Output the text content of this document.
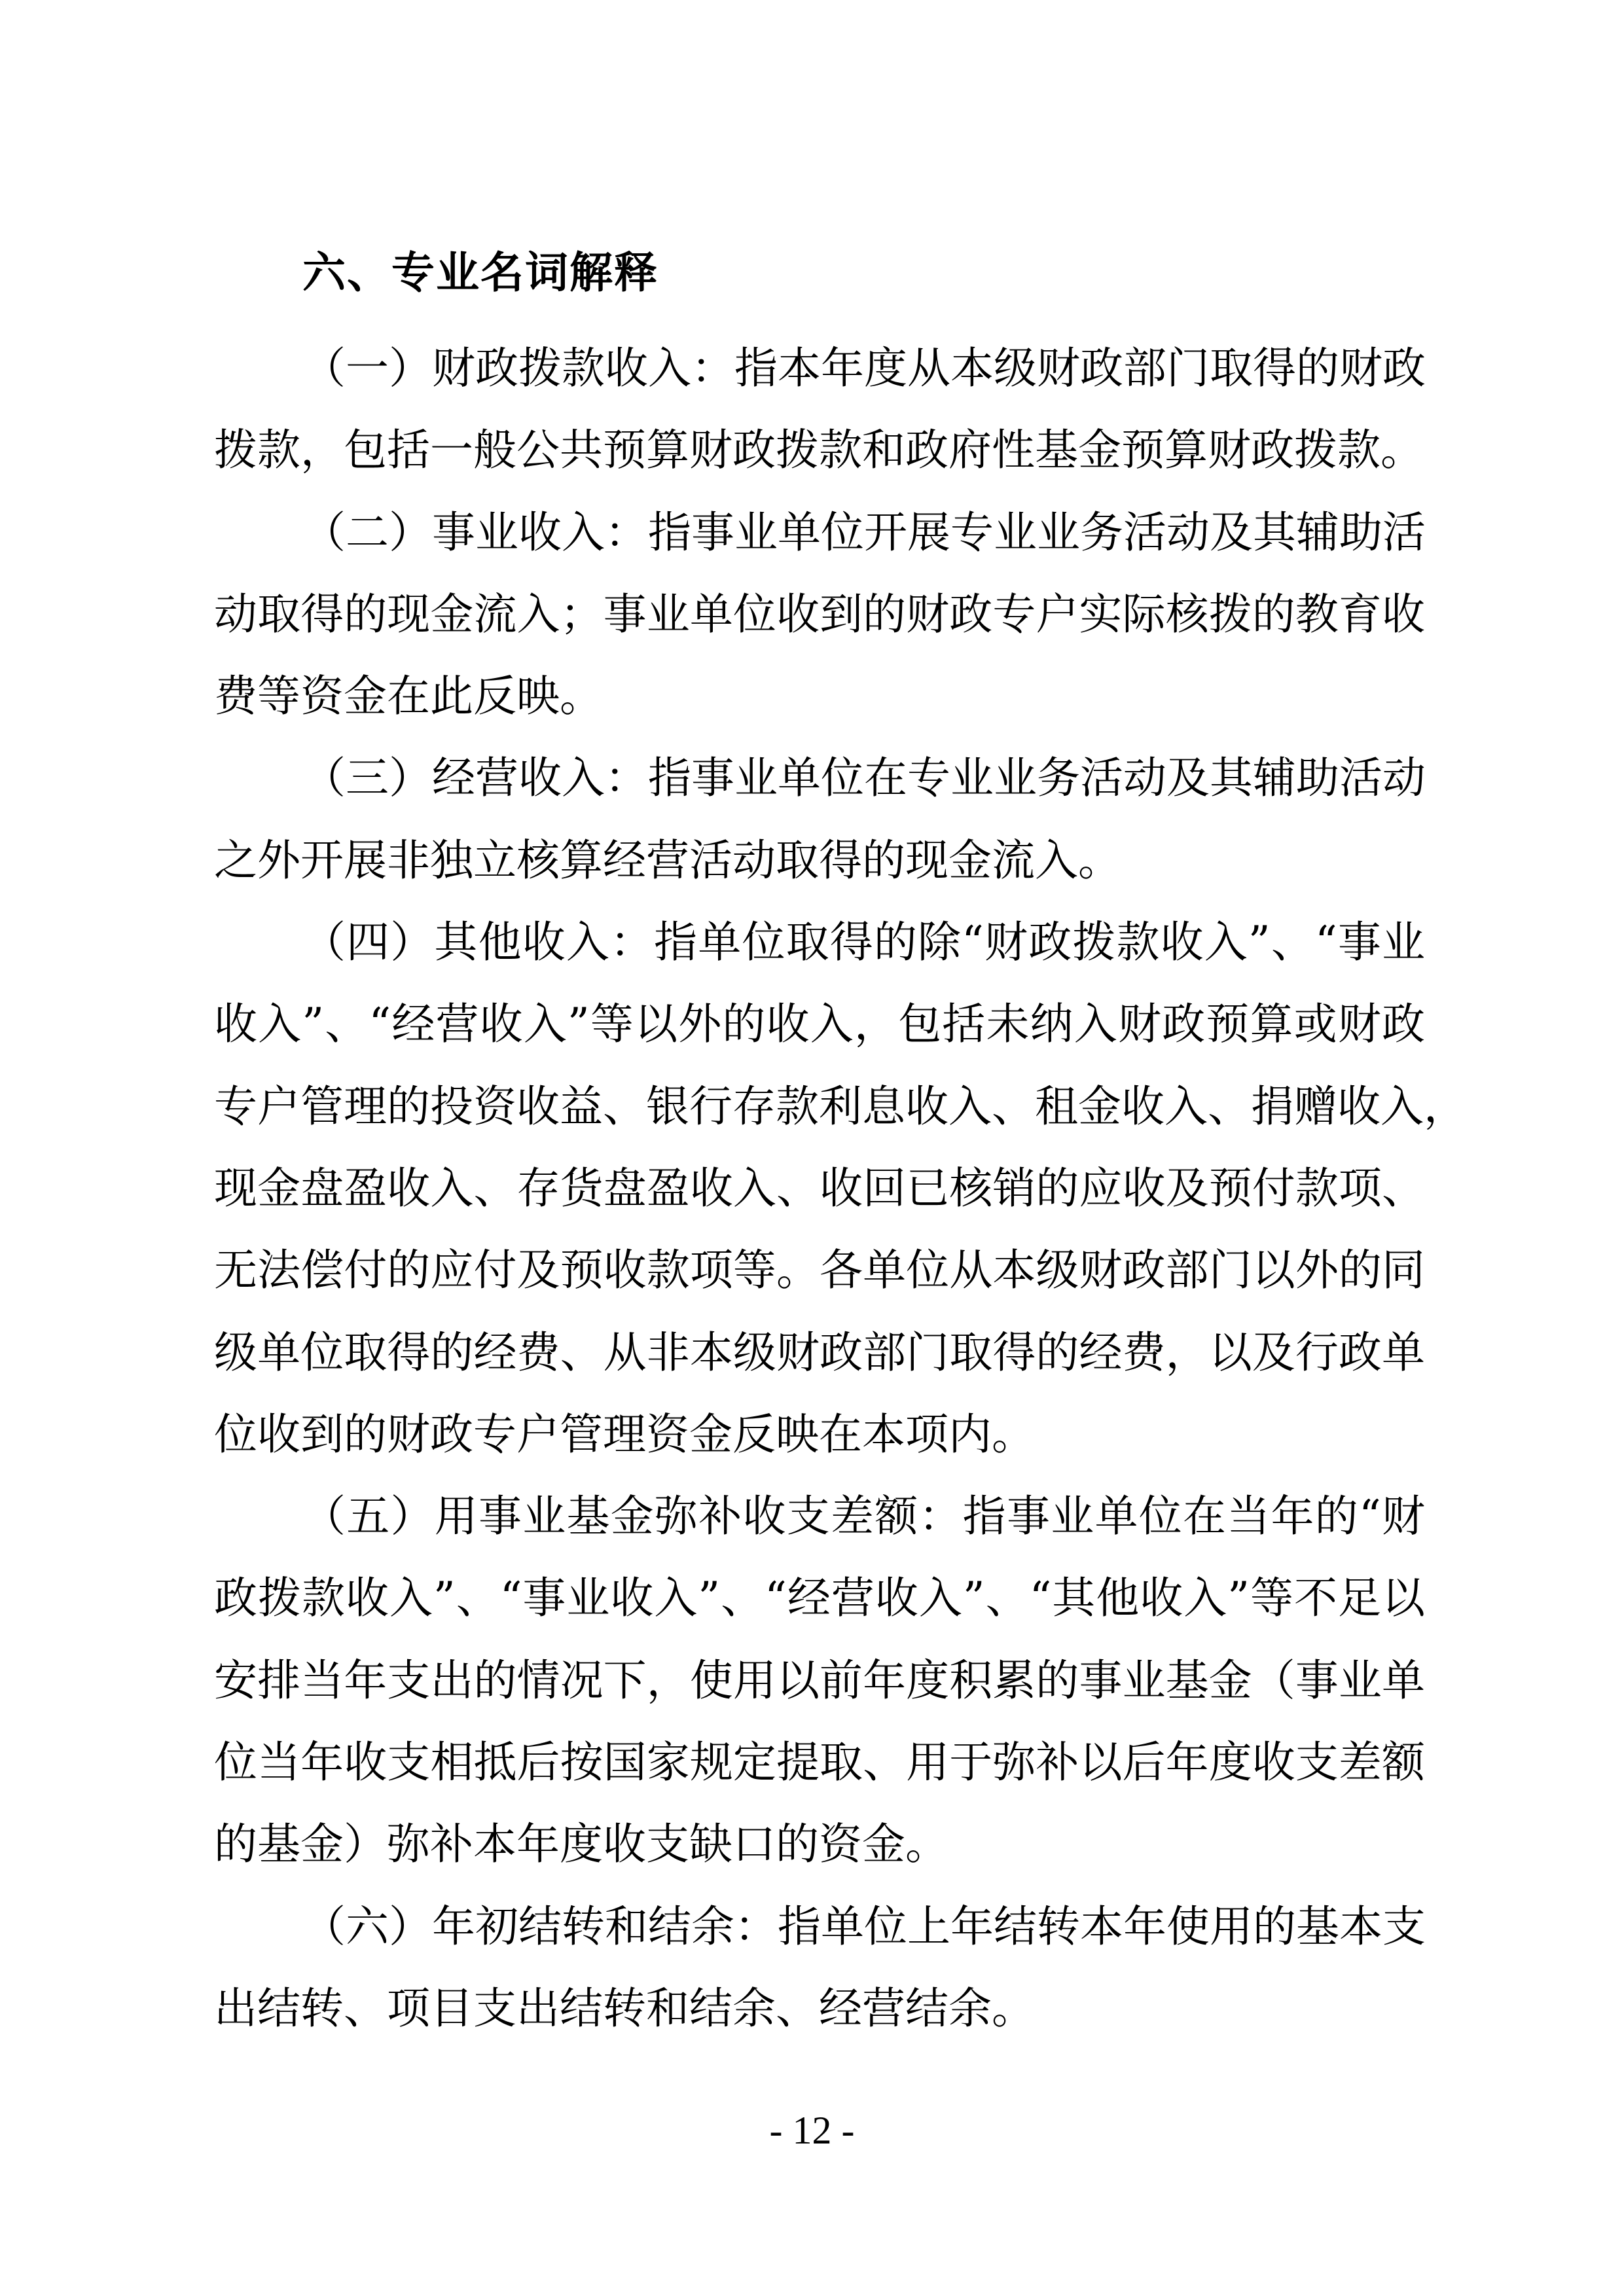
六、专业名词解释
（一）财政拨款收入：指本年度从本级财政部门取得的财政
拨款，包括一般公共预算财政拨款和政府性基金预算财政拨款。
（二）事业收入：指事业单位开展专业业务活动及其辅助活
动取得的现金流入；事业单位收到的财政专户实际核拨的教育收
费等资金在此反映。
（三）经营收入：指事业单位在专业业务活动及其辅助活动
之外开展非独立核算经营活动取得的现金流入。
（四）其他收入：指单位取得的除“财政拨款收入”、“事业
收入”、“经营收入”等以外的收入，包括未纳入财政预算或财政
专户管理的投资收益、银行存款利息收入、租金收入、捐赠收入，
现金盘盈收入、存货盘盈收入、收回已核销的应收及预付款项、
无法偿付的应付及预收款项等。各单位从本级财政部门以外的同
级单位取得的经费、从非本级财政部门取得的经费，以及行政单
位收到的财政专户管理资金反映在本项内。
（五）用事业基金弥补收支差额：指事业单位在当年的“财
政拨款收入”、“事业收入”、“经营收入”、“其他收入”等不足以
安排当年支出的情况下，使用以前年度积累的事业基金（事业单
位当年收支相抵后按国家规定提取、用于弥补以后年度收支差额
的基金）弥补本年度收支缺口的资金。
（六）年初结转和结余：指单位上年结转本年使用的基本支
出结转、项目支出结转和结余、经营结余。
- 12 -
